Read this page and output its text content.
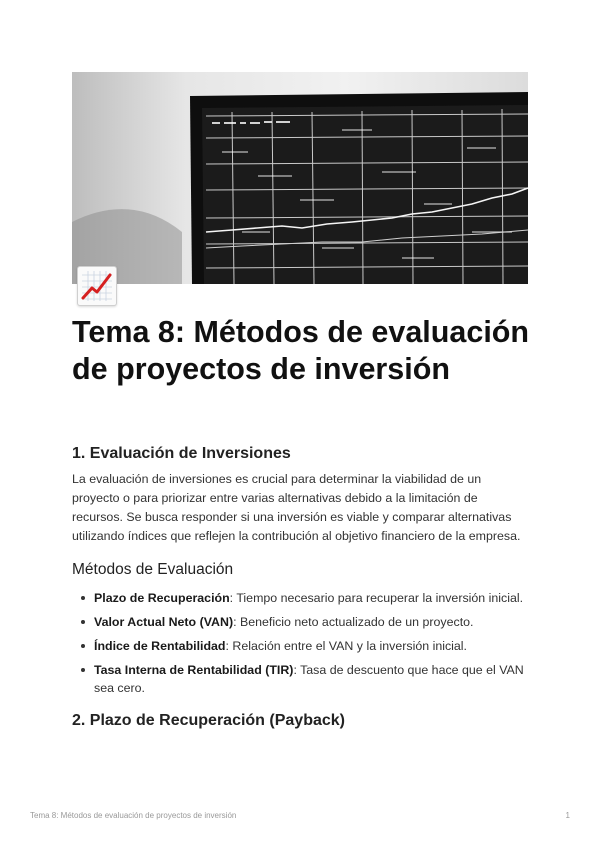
Tema 8: Métodos de evaluación de proyectos de inversión
1. Evaluación de Inversiones

La evaluación de inversiones es crucial para determinar la viabilidad de un proyecto o para priorizar entre varias alternativas debido a la limitación de recursos. Se busca responder si una inversión es viable y comparar alternativas utilizando índices que reflejen la contribución al objetivo financiero de la empresa.

Métodos de Evaluación
Plazo de Recuperación: Tiempo necesario para recuperar la inversión inicial.
Valor Actual Neto (VAN): Beneficio neto actualizado de un proyecto.
Índice de Rentabilidad: Relación entre el VAN y la inversión inicial.
Tasa Interna de Rentabilidad (TIR): Tasa de descuento que hace que el VAN sea cero.
2. Plazo de Recuperación (Payback)
Tema 8: Métodos de evaluación de proyectos de inversión	1
